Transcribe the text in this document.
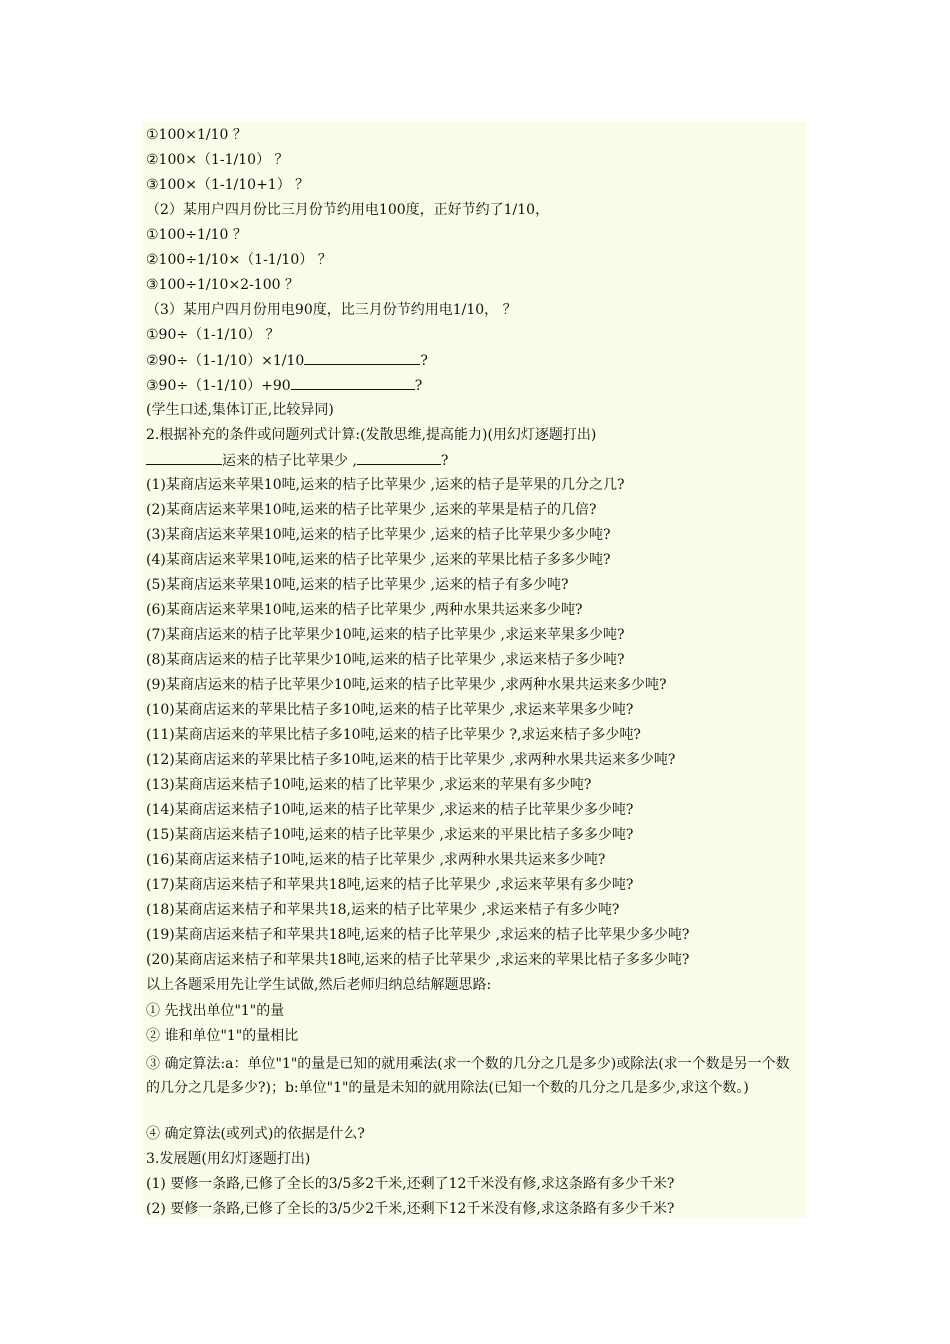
①100×1/10 ？
②100×（1-1/10） ？
③100×（1-1/10+1） ？
（2）某用户四月份比三月份节约用电100度，正好节约了1/10，
①100÷1/10 ？
②100÷1/10×（1-1/10） ？
③100÷1/10×2-100 ？
（3）某用户四月份用电90度，比三月份节约用电1/10， ？
①90÷（1-1/10） ？
②90÷（1-1/10）×1/10	?
③90÷（1-1/10）+90	?
(学生口述,集体订正,比较异同)
2.根据补充的条件或问题列式计算:(发散思维,提高能力)(用幻灯逐题打出)
运来的桔子比苹果少 ,	?
(1)某商店运来苹果10吨,运来的桔子比苹果少 ,运来的桔子是苹果的几分之几?
(2)某商店运来苹果10吨,运来的桔子比苹果少 ,运来的苹果是桔子的几倍?
(3)某商店运来苹果10吨,运来的桔子比苹果少 ,运来的桔子比苹果少多少吨?
(4)某商店运来苹果10吨,运来的桔子比苹果少 ,运来的苹果比桔子多多少吨?
(5)某商店运来苹果10吨,运来的桔子比苹果少 ,运来的桔子有多少吨?
(6)某商店运来苹果10吨,运来的桔子比苹果少 ,两种水果共运来多少吨?
(7)某商店运来的桔子比苹果少10吨,运来的桔子比苹果少 ,求运来苹果多少吨?
(8)某商店运来的桔子比苹果少10吨,运来的桔子比苹果少 ,求运来桔子多少吨?
(9)某商店运来的桔子比苹果少10吨,运来的桔子比苹果少 ,求两种水果共运来多少吨?
(10)某商店运来的苹果比桔子多10吨,运来的桔子比苹果少 ,求运来苹果多少吨?
(11)某商店运来的苹果比桔子多10吨,运来的桔子比苹果少 ?,求运来桔子多少吨?
(12)某商店运来的苹果比桔子多10吨,运来的桔于比苹果少 ,求两种水果共运来多少吨?
(13)某商店运来桔子10吨,运来的桔了比苹果少 ,求运来的苹果有多少吨?
(14)某商店运来桔子10吨,运来的桔子比苹果少 ,求运来的桔子比苹果少多少吨?
(15)某商店运来桔子10吨,运来的桔子比苹果少 ,求运来的平果比桔子多多少吨?
(16)某商店运来桔子10吨,运来的桔子比苹果少 ,求两种水果共运来多少吨?
(17)某商店运来桔子和苹果共18吨,运来的桔子比苹果少 ,求运来苹果有多少吨?
(18)某商店运来桔子和苹果共18,运来的桔子比苹果少 ,求运来桔子有多少吨?
(19)某商店运来桔子和苹果共18吨,运来的桔子比苹果少 ,求运来的桔子比苹果少多少吨?
(20)某商店运来桔子和苹果共18吨,运来的桔子比苹果少 ,求运来的苹果比桔子多多少吨?
以上各题采用先让学生试做,然后老师归纳总结解题思路:
① 先找出单位"1"的量
② 谁和单位"1"的量相比
③ 确定算法:a：单位"1"的量是已知的就用乘法(求一个数的几分之几是多少)或除法(求一个数是另一个数的几分之几是多少?)；b:单位"1"的量是未知的就用除法(已知一个数的几分之几是多少,求这个数。)
④ 确定算法(或列式)的依据是什么?
3.发展题(用幻灯逐题打出)
(1) 要修一条路,已修了全长的3/5多2千米,还剩了12千米没有修,求这条路有多少千米?
(2) 要修一条路,已修了全长的3/5少2千米,还剩下12千米没有修,求这条路有多少千米?
